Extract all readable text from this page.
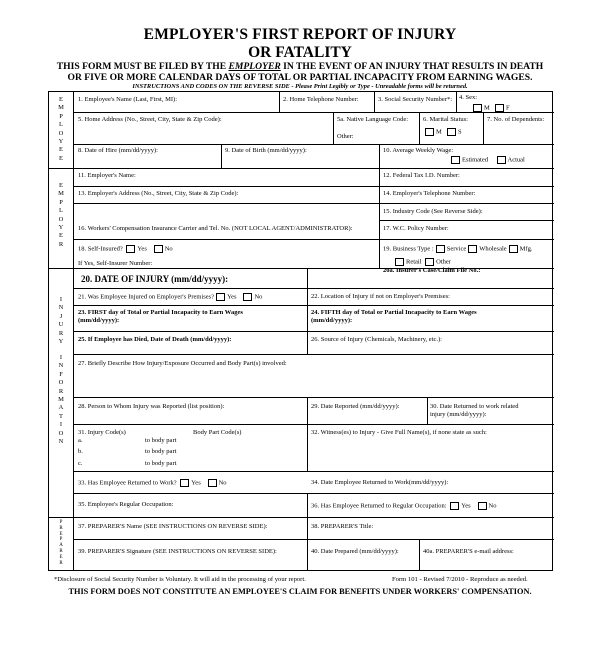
EMPLOYER'S FIRST REPORT OF INJURY
OR FATALITY
THIS FORM MUST BE FILED BY THE EMPLOYER IN THE EVENT OF AN INJURY THAT RESULTS IN DEATH
OR FIVE OR MORE CALENDAR DAYS OF TOTAL OR PARTIAL INCAPACITY FROM EARNING WAGES.
INSTRUCTIONS AND CODES ON THE REVERSE SIDE - Please Print Legibly or Type - Unreadable forms will be returned.
E
M
P
L
O
Y
E
E
E
M
P
L
O
Y
E
R
I
N
J
U
R
Y
I
N
F
O
R
M
A
T
I
O
N
P
R
E
P
A
R
E
R
1. Employee's Name (Last, First, MI):	2. Home Telephone Number:	3. Social Security Number*: 4. Sex:
M	F
5. Home Address (No., Street, City, State & Zip Code):	5a. Native Language Code:
Other:
6. Marital Status:
M	S
7. No. of Dependents:
8. Date of Hire (mm/dd/yyyy):	9. Date of Birth (mm/dd/yyyy):	10. Average Weekly Wage:
Estimated	Actual
11. Employer's Name:	12. Federal Tax I.D. Number:
13. Employer's Address (No., Street, City, State & Zip Code):	14. Employer's Telephone Number:
15. Industry Code (See Reverse Side):
16. Workers' Compensation Insurance Carrier and Tel. No. (NOT LOCAL AGENT/ADMINISTRATOR):	17. W.C. Policy Number:
18. Self-Insured? Yes	No
If Yes, Self-Insurer Number:
19. Business Type : Service Wholesale Mfg.
Retail Other
20a. Insurer's Case/Claim File No.:
20. DATE OF INJURY (mm/dd/yyyy):
21. Was Employee Injured on Employer's Premises? Yes	No	22. Location of Injury if not on Employer's Premises:
23. FIRST day of Total or Partial Incapacity to Earn Wages
(mm/dd/yyyy):
24. FIFTH day of Total or Partial Incapacity to Earn Wages
(mm/dd/yyyy):
25. If Employee has Died, Date of Death (mm/dd/yyyy):	26. Source of Injury (Chemicals, Machinery, etc.):
27. Briefly Describe How Injury/Exposure Occurred and Body Part(s) involved:
28. Person to Whom Injury was Reported (list position):	29. Date Reported (mm/dd/yyyy):	30. Date Returned to work related
injury (mm/dd/yyyy):
31. Injury Code(s)	Body Part Code(s)
a.	to body part
b.	to body part
c.	to body part
32. Witness(es) to Injury - Give Full Name(s), if none state as such:
33. Has Employee Returned to Work? Yes	No	34. Date Employee Returned to Work(mm/dd/yyyy):
35. Employee's Regular Occupation:	36. Has Employee Returned to Regular Occupation: Yes	No
37. PREPARER'S Name (SEE INSTRUCTIONS ON REVERSE SIDE):	38. PREPARER'S Title:
39. PREPARER'S Signature (SEE INSTRUCTIONS ON REVERSE SIDE):	40. Date Prepared (mm/dd/yyyy):	40a. PREPARER'S e-mail address:
*Disclosure of Social Security Number is Voluntary. It will aid in the processing of your report.	Form 101 - Revised 7/2010 - Reproduce as needed.
THIS FORM DOES NOT CONSTITUTE AN EMPLOYEE'S CLAIM FOR BENEFITS UNDER WORKERS' COMPENSATION.
